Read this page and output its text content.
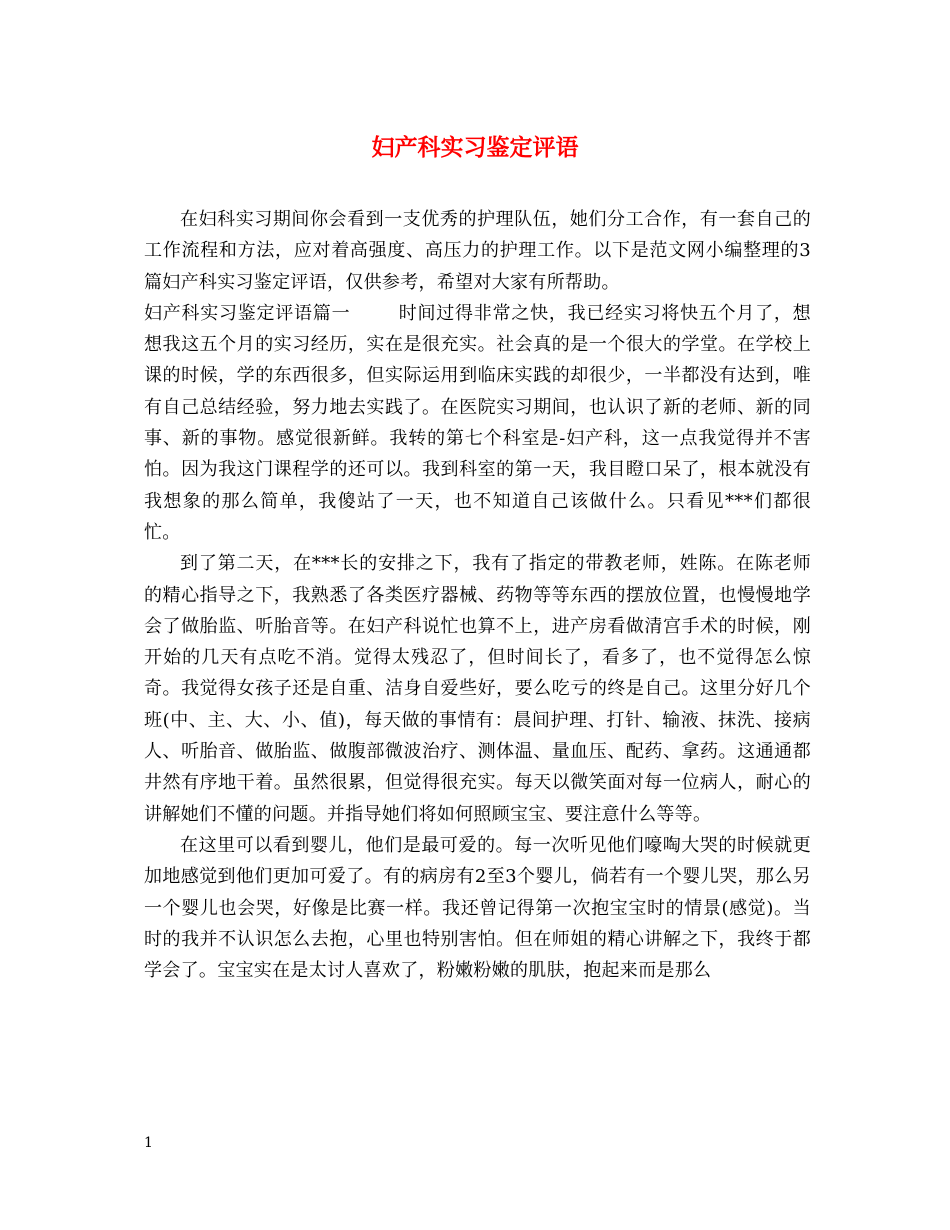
妇产科实习鉴定评语

在妇科实习期间你会看到一支优秀的护理队伍，她们分工合作，有一套自己的工作流程和方法，应对着高强度、高压力的护理工作。以下是范文网小编整理的3篇妇产科实习鉴定评语，仅供参考，希望对大家有所帮助。

妇产科实习鉴定评语篇一	时间过得非常之快，我已经实习将快五个月了，想想我这五个月的实习经历，实在是很充实。社会真的是一个很大的学堂。在学校上课的时候，学的东西很多，但实际运用到临床实践的却很少，一半都没有达到，唯有自己总结经验，努力地去实践了。在医院实习期间，也认识了新的老师、新的同事、新的事物。感觉很新鲜。我转的第七个科室是-妇产科，这一点我觉得并不害怕。因为我这门课程学的还可以。我到科室的第一天，我目瞪口呆了，根本就没有我想象的那么简单，我傻站了一天，也不知道自己该做什么。只看见***们都很忙。

到了第二天，在***长的安排之下，我有了指定的带教老师，姓陈。在陈老师的精心指导之下，我熟悉了各类医疗器械、药物等等东西的摆放位置，也慢慢地学会了做胎监、听胎音等。在妇产科说忙也算不上，进产房看做清宫手术的时候，刚开始的几天有点吃不消。觉得太残忍了，但时间长了，看多了，也不觉得怎么惊奇。我觉得女孩子还是自重、洁身自爱些好，要么吃亏的终是自己。这里分好几个班(中、主、大、小、值)，每天做的事情有：晨间护理、打针、输液、抹洗、接病人、听胎音、做胎监、做腹部微波治疗、测体温、量血压、配药、拿药。这通通都井然有序地干着。虽然很累，但觉得很充实。每天以微笑面对每一位病人，耐心的讲解她们不懂的问题。并指导她们将如何照顾宝宝、要注意什么等等。

在这里可以看到婴儿，他们是最可爱的。每一次听见他们嚎啕大哭的时候就更加地感觉到他们更加可爱了。有的病房有2至3个婴儿，倘若有一个婴儿哭，那么另一个婴儿也会哭，好像是比赛一样。我还曾记得第一次抱宝宝时的情景(感觉)。当时的我并不认识怎么去抱，心里也特别害怕。但在师姐的精心讲解之下，我终于都学会了。宝宝实在是太讨人喜欢了，粉嫩粉嫩的肌肤，抱起来而是那么

1
